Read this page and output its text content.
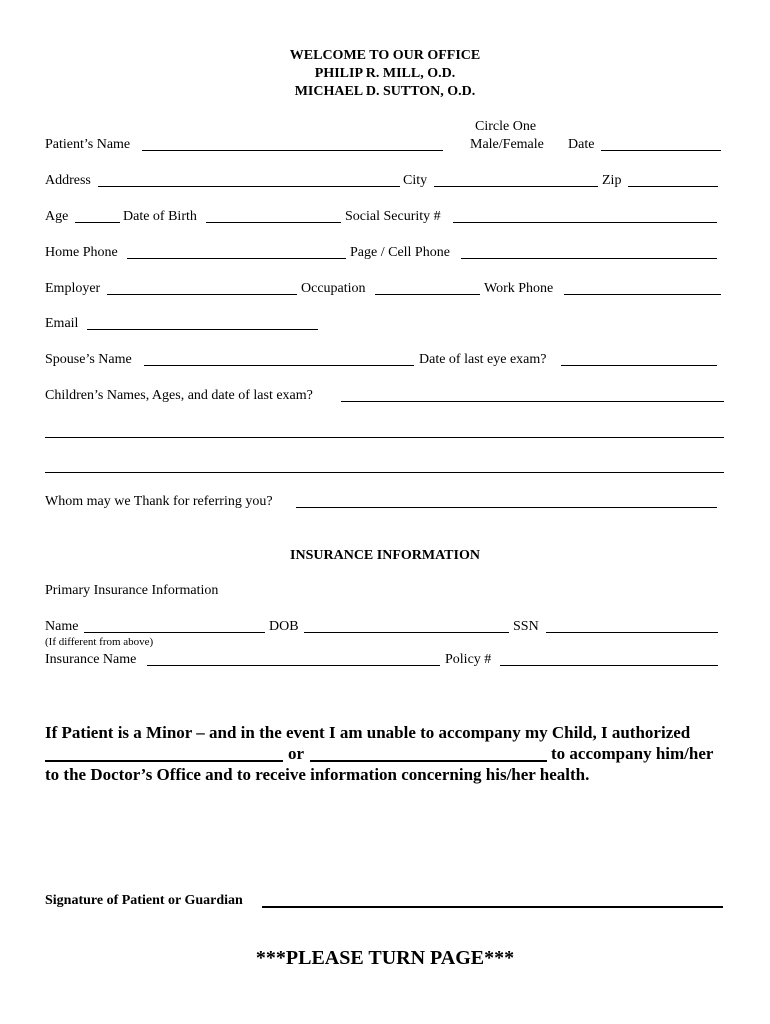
WELCOME TO OUR OFFICE
PHILIP R. MILL, O.D.
MICHAEL D. SUTTON, O.D.
Circle One
Patient’s Name	Male/Female Date
Address	City	Zip
Age	Date of Birth	Social Security #
Home Phone	Page / Cell Phone
Employer	Occupation	Work Phone
Email
Spouse’s Name	Date of last eye exam?
Children’s Names, Ages, and date of last exam?
Whom may we Thank for referring you?
INSURANCE INFORMATION
Primary Insurance Information
Name	DOB	SSN
(If different from above)
Insurance Name	Policy #
If Patient is a Minor – and in the event I am unable to accompany my Child, I authorized
or	to accompany him/her
to the Doctor’s Office and to receive information concerning his/her health.
Signature of Patient or Guardian
***PLEASE TURN PAGE***
